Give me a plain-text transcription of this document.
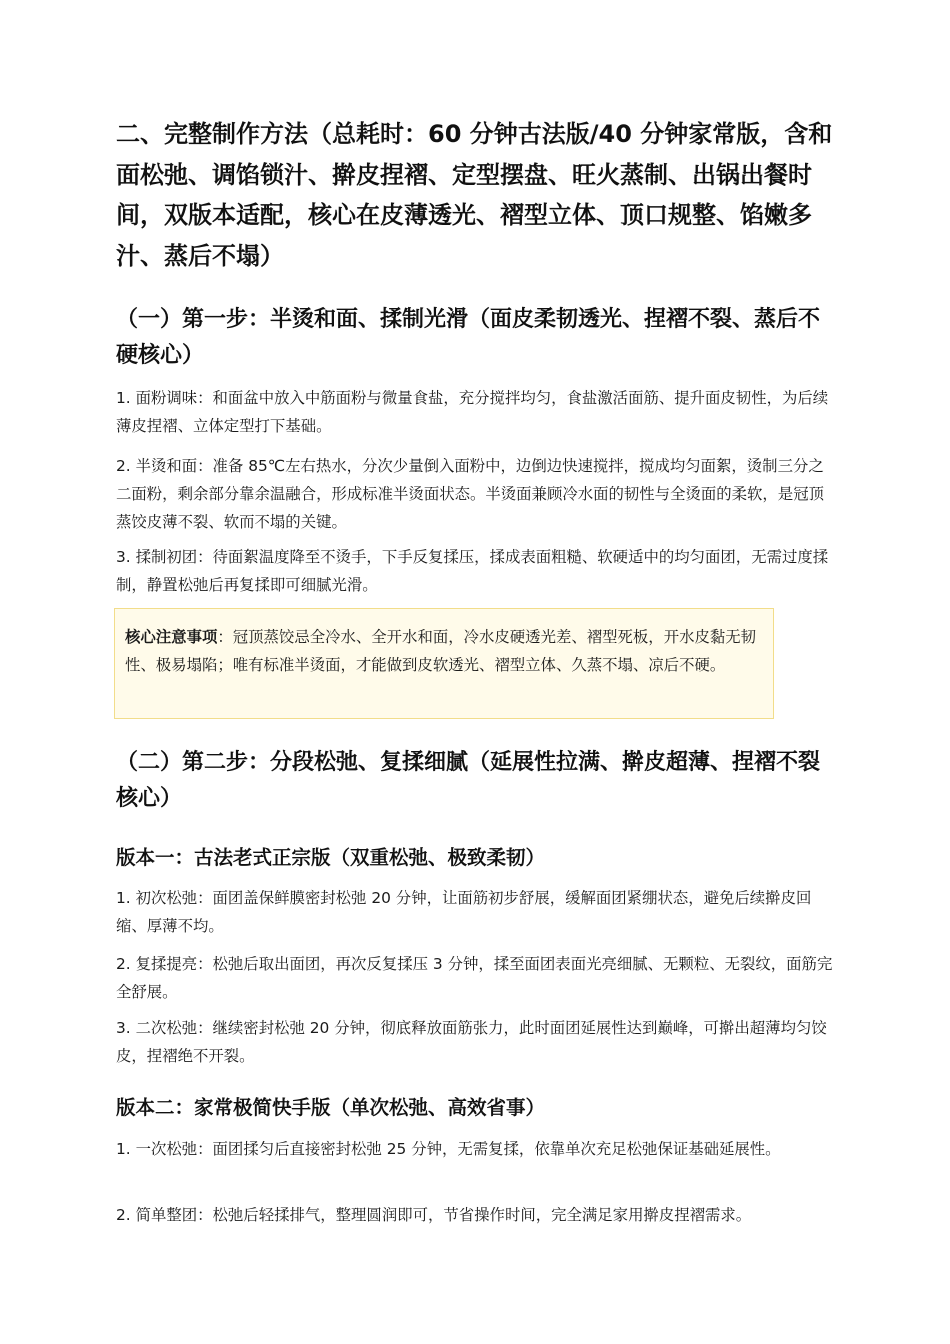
二、完整制作方法（总耗时：60 分钟古法版/40 分钟家常版，含和面松弛、调馅锁汁、擀皮捏褶、定型摆盘、旺火蒸制、出锅出餐时间，双版本适配，核心在皮薄透光、褶型立体、顶口规整、馅嫩多汁、蒸后不塌）
（一）第一步：半烫和面、揉制光滑（面皮柔韧透光、捏褶不裂、蒸后不硬核心）

1. 面粉调味：和面盆中放入中筋面粉与微量食盐，充分搅拌均匀，食盐激活面筋、提升面皮韧性，为后续薄皮捏褶、立体定型打下基础。

2. 半烫和面：准备 85℃左右热水，分次少量倒入面粉中，边倒边快速搅拌，搅成均匀面絮，烫制三分之二面粉，剩余部分靠余温融合，形成标准半烫面状态。半烫面兼顾冷水面的韧性与全烫面的柔软，是冠顶蒸饺皮薄不裂、软而不塌的关键。

3. 揉制初团：待面絮温度降至不烫手，下手反复揉压，揉成表面粗糙、软硬适中的均匀面团，无需过度揉制，静置松弛后再复揉即可细腻光滑。

核心注意事项：冠顶蒸饺忌全冷水、全开水和面，冷水皮硬透光差、褶型死板，开水皮黏无韧性、极易塌陷；唯有标准半烫面，才能做到皮软透光、褶型立体、久蒸不塌、凉后不硬。

（二）第二步：分段松弛、复揉细腻（延展性拉满、擀皮超薄、捏褶不裂核心）
版本一：古法老式正宗版（双重松弛、极致柔韧）

1. 初次松弛：面团盖保鲜膜密封松弛 20 分钟，让面筋初步舒展，缓解面团紧绷状态，避免后续擀皮回缩、厚薄不均。

2. 复揉提亮：松弛后取出面团，再次反复揉压 3 分钟，揉至面团表面光亮细腻、无颗粒、无裂纹，面筋完全舒展。

3. 二次松弛：继续密封松弛 20 分钟，彻底释放面筋张力，此时面团延展性达到巅峰，可擀出超薄均匀饺皮，捏褶绝不开裂。

版本二：家常极简快手版（单次松弛、高效省事）

1. 一次松弛：面团揉匀后直接密封松弛 25 分钟，无需复揉，依靠单次充足松弛保证基础延展性。

2. 简单整团：松弛后轻揉排气，整理圆润即可，节省操作时间，完全满足家用擀皮捏褶需求。
